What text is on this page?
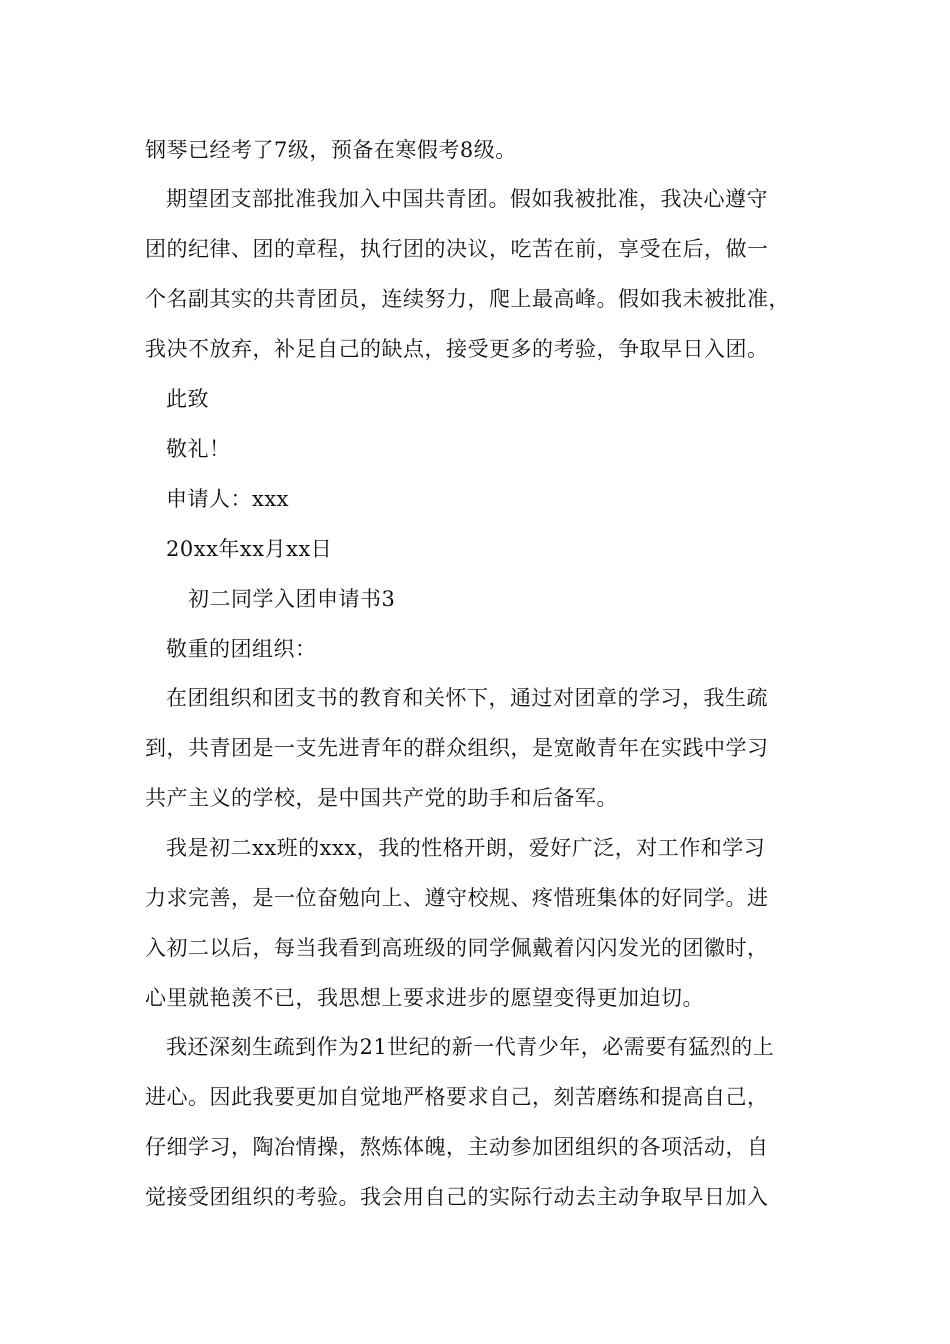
钢琴已经考了7级，预备在寒假考8级。
期望团支部批准我加入中国共青团。假如我被批准，我决心遵守
团的纪律、团的章程，执行团的决议，吃苦在前，享受在后，做一
个名副其实的共青团员，连续努力，爬上最高峰。假如我未被批准，
我决不放弃，补足自己的缺点，接受更多的考验，争取早日入团。
此致
敬礼！
申请人：xxx
20xx年xx月xx日
初二同学入团申请书3
敬重的团组织：
在团组织和团支书的教育和关怀下，通过对团章的学习，我生疏
到，共青团是一支先进青年的群众组织，是宽敞青年在实践中学习
共产主义的学校，是中国共产党的助手和后备军。
我是初二xx班的xxx，我的性格开朗，爱好广泛，对工作和学习
力求完善，是一位奋勉向上、遵守校规、疼惜班集体的好同学。进
入初二以后，每当我看到高班级的同学佩戴着闪闪发光的团徽时，
心里就艳羡不已，我思想上要求进步的愿望变得更加迫切。
我还深刻生疏到作为21世纪的新一代青少年，必需要有猛烈的上
进心。因此我要更加自觉地严格要求自己，刻苦磨练和提高自己，
仔细学习，陶冶情操，熬炼体魄，主动参加团组织的各项活动，自
觉接受团组织的考验。我会用自己的实际行动去主动争取早日加入
